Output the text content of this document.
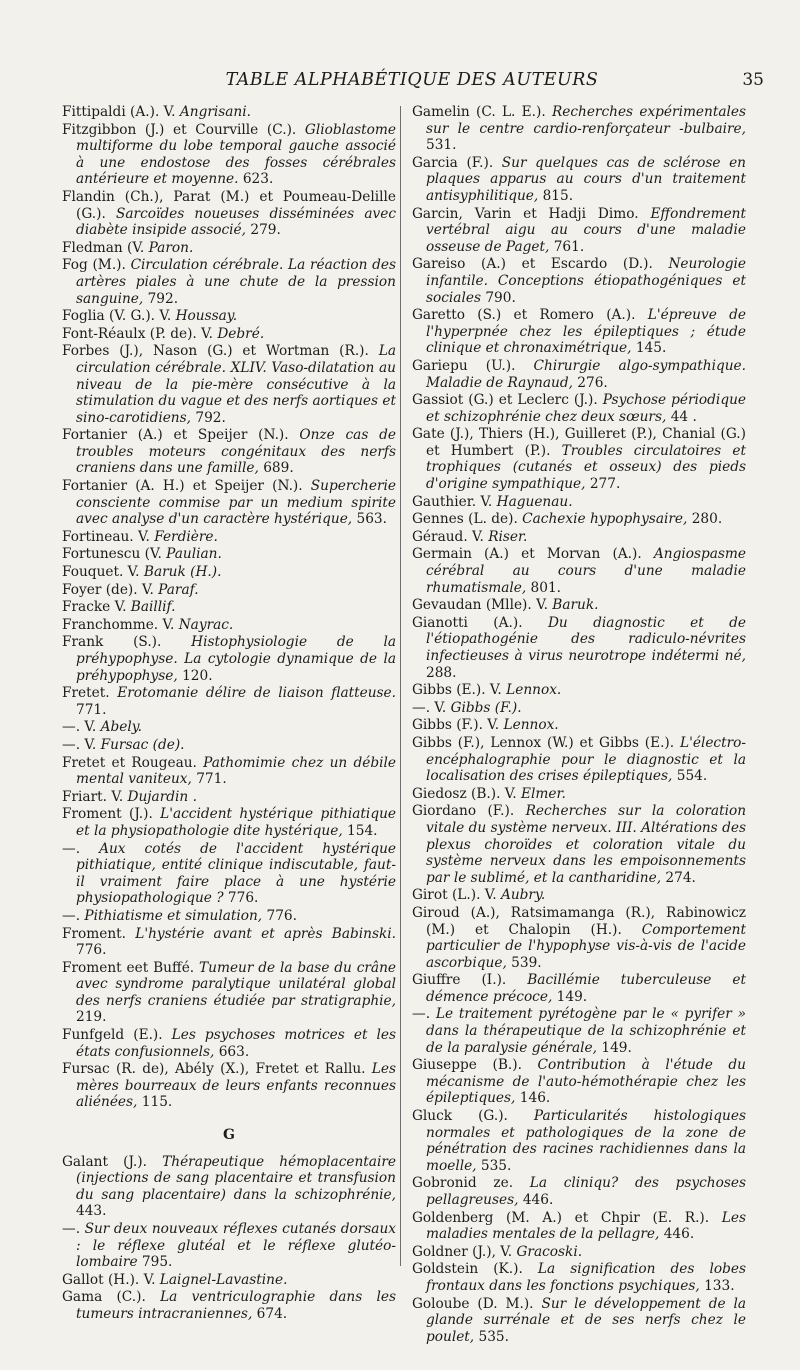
TABLE ALPHABÉTIQUE DES AUTEURS	35
Fittipaldi (A.). V. Angrisani.
Fitzgibbon (J.) et Courville (C.). Glioblastome multiforme du lobe temporal gauche associé à une endostose des fosses cérébrales antérieure et moyenne. 623.
Flandin (Ch.), Parat (M.) et Poumeau-Delille (G.). Sarcoïdes noueuses disséminées avec diabète insipide associé, 279.
Fledman (V. Paron.
Fog (M.). Circulation cérébrale. La réaction des artères piales à une chute de la pression sanguine, 792.
Foglia (V. G.). V. Houssay.
Font-Réaulx (P. de). V. Debré.
Forbes (J.), Nason (G.) et Wortman (R.). La circulation cérébrale. XLIV. Vaso-dilatation au niveau de la pie-mère consécutive à la stimulation du vague et des nerfs aortiques et sino-carotidiens, 792.
Fortanier (A.) et Speijer (N.). Onze cas de troubles moteurs congénitaux des nerfs craniens dans une famille, 689.
Fortanier (A. H.) et Speijer (N.). Supercherie consciente commise par un medium spirite avec analyse d'un caractère hystérique, 563.
Fortineau. V. Ferdière.
Fortunescu (V. Paulian.
Fouquet. V. Baruk (H.).
Foyer (de). V. Paraf.
Fracke V. Baillif.
Franchomme. V. Nayrac.
Frank (S.). Histophysiologie de la préhypophyse. La cytologie dynamique de la préhypophyse, 120.
Fretet. Erotomanie délire de liaison flatteuse. 771.
—. V. Abely.
—. V. Fursac (de).
Fretet et Rougeau. Pathomimie chez un débile mental vaniteux, 771.
Friart. V. Dujardin .
Froment (J.). L'accident hystérique pithiatique et la physiopathologie dite hystérique, 154.
—. Aux cotés de l'accident hystérique pithiatique, entité clinique indiscutable, faut-il vraiment faire place à une hystérie physiopathologique ? 776.
—. Pithiatisme et simulation, 776.
Froment. L'hystérie avant et après Babinski. 776.
Froment eet Buffé. Tumeur de la base du crâne avec syndrome paralytique unilatéral global des nerfs craniens étudiée par stratigraphie, 219.
Funfgeld (E.). Les psychoses motrices et les états confusionnels, 663.
Fursac (R. de), Abély (X.), Fretet et Rallu. Les mères bourreaux de leurs enfants reconnues aliénées, 115.
G
Galant (J.). Thérapeutique hémoplacentaire (injections de sang placentaire et transfusion du sang placentaire) dans la schizophrénie, 443.
—. Sur deux nouveaux réflexes cutanés dorsaux : le réflexe glutéal et le réflexe glutéo-lombaire 795.
Gallot (H.). V. Laignel-Lavastine.
Gama (C.). La ventriculographie dans les tumeurs intracraniennes, 674.
Gamelin (C. L. E.). Recherches expérimentales sur le centre cardio-renforçateur -bulbaire, 531.
Garcia (F.). Sur quelques cas de sclérose en plaques apparus au cours d'un traitement antisyphilitique, 815.
Garcin, Varin et Hadji Dimo. Effondrement vertébral aigu au cours d'une maladie osseuse de Paget, 761.
Gareiso (A.) et Escardo (D.). Neurologie infantile. Conceptions étiopathogéniques et sociales 790.
Garetto (S.) et Romero (A.). L'épreuve de l'hyperpnée chez les épileptiques ; étude clinique et chronaximétrique, 145.
Gariepu (U.). Chirurgie algo-sympathique. Maladie de Raynaud, 276.
Gassiot (G.) et Leclerc (J.). Psychose périodique et schizophrénie chez deux sœurs, 44 .
Gate (J.), Thiers (H.), Guilleret (P.), Chanial (G.) et Humbert (P.). Troubles circulatoires et trophiques (cutanés et osseux) des pieds d'origine sympathique, 277.
Gauthier. V. Haguenau.
Gennes (L. de). Cachexie hypophysaire, 280.
Géraud. V. Riser.
Germain (A.) et Morvan (A.). Angiospasme cérébral au cours d'une maladie rhumatismale, 801.
Gevaudan (Mlle). V. Baruk.
Gianotti (A.). Du diagnostic et de l'étiopathogénie des radiculo-névrites infectieuses à virus neurotrope indétermi né, 288.
Gibbs (E.). V. Lennox.
—. V. Gibbs (F.).
Gibbs (F.). V. Lennox.
Gibbs (F.), Lennox (W.) et Gibbs (E.). L'électro-encéphalographie pour le diagnostic et la localisation des crises épileptiques, 554.
Giedosz (B.). V. Elmer.
Giordano (F.). Recherches sur la coloration vitale du système nerveux. III. Altérations des plexus choroïdes et coloration vitale du système nerveux dans les empoisonnements par le sublimé, et la cantharidine, 274.
Girot (L.). V. Aubry.
Giroud (A.), Ratsimamanga (R.), Rabinowicz (M.) et Chalopin (H.). Comportement particulier de l'hypophyse vis-à-vis de l'acide ascorbique, 539.
Giuffre (I.). Bacillémie tuberculeuse et démence précoce, 149.
—. Le traitement pyrétogène par le « pyrifer » dans la thérapeutique de la schizophrénie et de la paralysie générale, 149.
Giuseppe (B.). Contribution à l'étude du mécanisme de l'auto-hémothérapie chez les épileptiques, 146.
Gluck (G.). Particularités histologiques normales et pathologiques de la zone de pénétration des racines rachidiennes dans la moelle, 535.
Gobronid ze. La cliniqu? des psychoses pellagreuses, 446.
Goldenberg (M. A.) et Chpir (E. R.). Les maladies mentales de la pellagre, 446.
Goldner (J.), V. Gracoski.
Goldstein (K.). La signification des lobes frontaux dans les fonctions psychiques, 133.
Goloube (D. M.). Sur le développement de la glande surrénale et de ses nerfs chez le poulet, 535.
